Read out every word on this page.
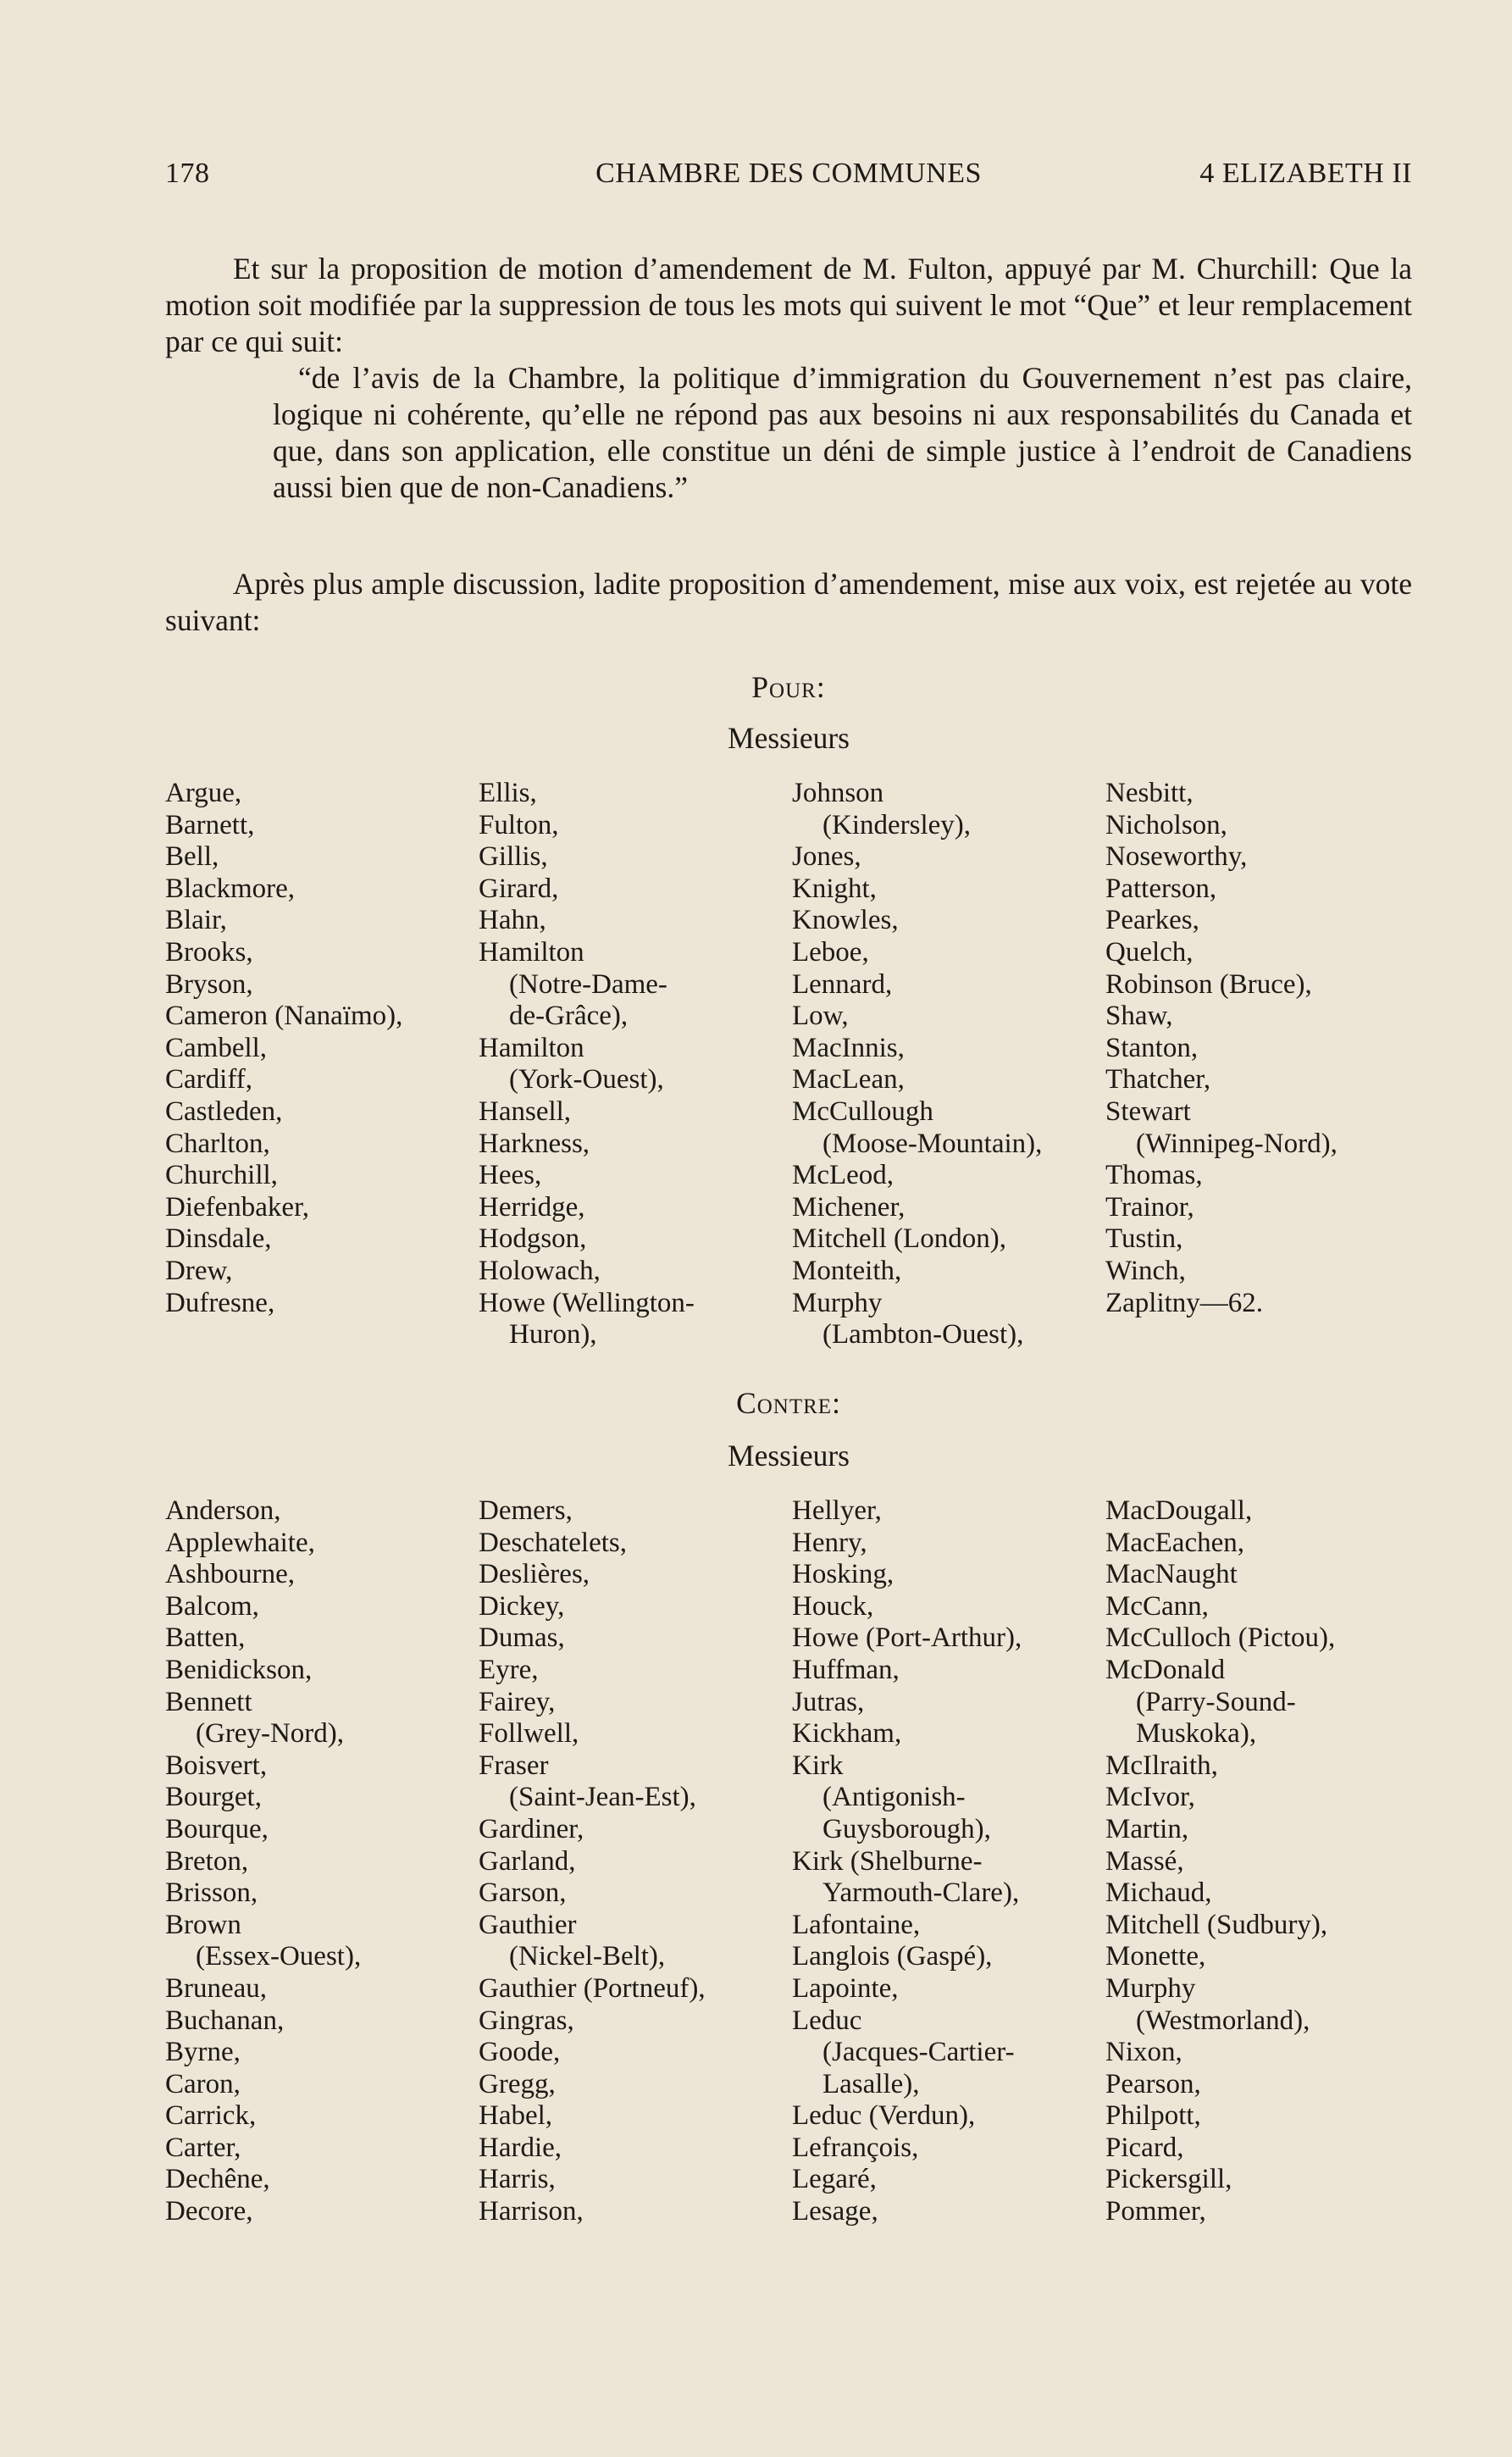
178	CHAMBRE DES COMMUNES	4 ELIZABETH II
Et sur la proposition de motion d’amendement de M. Fulton, appuyé par M. Churchill: Que la motion soit modifiée par la suppression de tous les mots qui suivent le mot “Que” et leur remplacement par ce qui suit:
“de l’avis de la Chambre, la politique d’immigration du Gouvernement n’est pas claire, logique ni cohérente, qu’elle ne répond pas aux besoins ni aux responsabilités du Canada et que, dans son application, elle constitue un déni de simple justice à l’endroit de Canadiens aussi bien que de non-Canadiens.”
Après plus ample discussion, ladite proposition d’amendement, mise aux voix, est rejetée au vote suivant:
Pour:
Messieurs
Argue,
Barnett,
Bell,
Blackmore,
Blair,
Brooks,
Bryson,
Cameron (Nanaïmo),
Cambell,
Cardiff,
Castleden,
Charlton,
Churchill,
Diefenbaker,
Dinsdale,
Drew,
Dufresne,
Ellis,
Fulton,
Gillis,
Girard,
Hahn,
Hamilton
(Notre-Dame-
de-Grâce),
Hamilton
(York-Ouest),
Hansell,
Harkness,
Hees,
Herridge,
Hodgson,
Holowach,
Howe (Wellington-
Huron),
Johnson
(Kindersley),
Jones,
Knight,
Knowles,
Leboe,
Lennard,
Low,
MacInnis,
MacLean,
McCullough
(Moose-Mountain),
McLeod,
Michener,
Mitchell (London),
Monteith,
Murphy
(Lambton-Ouest),
Nesbitt,
Nicholson,
Noseworthy,
Patterson,
Pearkes,
Quelch,
Robinson (Bruce),
Shaw,
Stanton,
Thatcher,
Stewart
(Winnipeg-Nord),
Thomas,
Trainor,
Tustin,
Winch,
Zaplitny—62.
Contre:
Messieurs
Anderson,
Applewhaite,
Ashbourne,
Balcom,
Batten,
Benidickson,
Bennett
(Grey-Nord),
Boisvert,
Bourget,
Bourque,
Breton,
Brisson,
Brown
(Essex-Ouest),
Bruneau,
Buchanan,
Byrne,
Caron,
Carrick,
Carter,
Dechêne,
Decore,
Demers,
Deschatelets,
Deslières,
Dickey,
Dumas,
Eyre,
Fairey,
Follwell,
Fraser
(Saint-Jean-Est),
Gardiner,
Garland,
Garson,
Gauthier
(Nickel-Belt),
Gauthier (Portneuf),
Gingras,
Goode,
Gregg,
Habel,
Hardie,
Harris,
Harrison,
Hellyer,
Henry,
Hosking,
Houck,
Howe (Port-Arthur),
Huffman,
Jutras,
Kickham,
Kirk
(Antigonish-
Guysborough),
Kirk (Shelburne-
Yarmouth-Clare),
Lafontaine,
Langlois (Gaspé),
Lapointe,
Leduc
(Jacques-Cartier-
Lasalle),
Leduc (Verdun),
Lefrançois,
Legaré,
Lesage,
MacDougall,
MacEachen,
MacNaught
McCann,
McCulloch (Pictou),
McDonald
(Parry-Sound-
Muskoka),
McIlraith,
McIvor,
Martin,
Massé,
Michaud,
Mitchell (Sudbury),
Monette,
Murphy
(Westmorland),
Nixon,
Pearson,
Philpott,
Picard,
Pickersgill,
Pommer,
